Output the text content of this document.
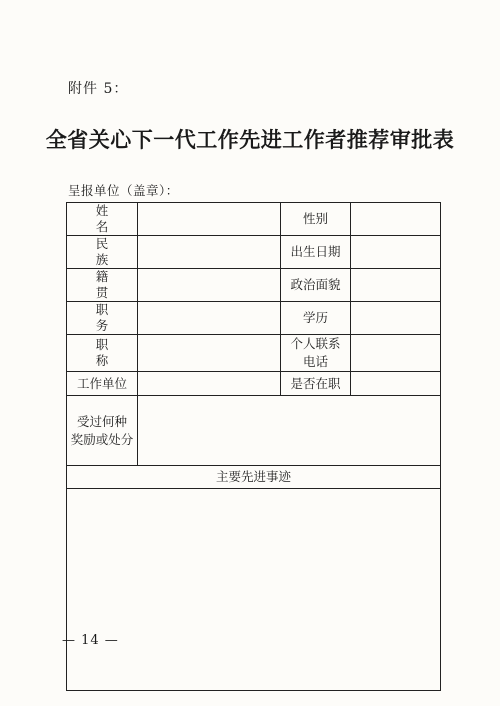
附件 5：
全省关心下一代工作先进工作者推荐审批表
呈报单位（盖章）：
姓名		性别	
民族		出生日期	
籍贯		政治面貌	
职务		学历	
职称		个人联系
电话	

工作单位		是否在职	

受过何种
奖励或处分			

主要先进事迹			

— 14 —
